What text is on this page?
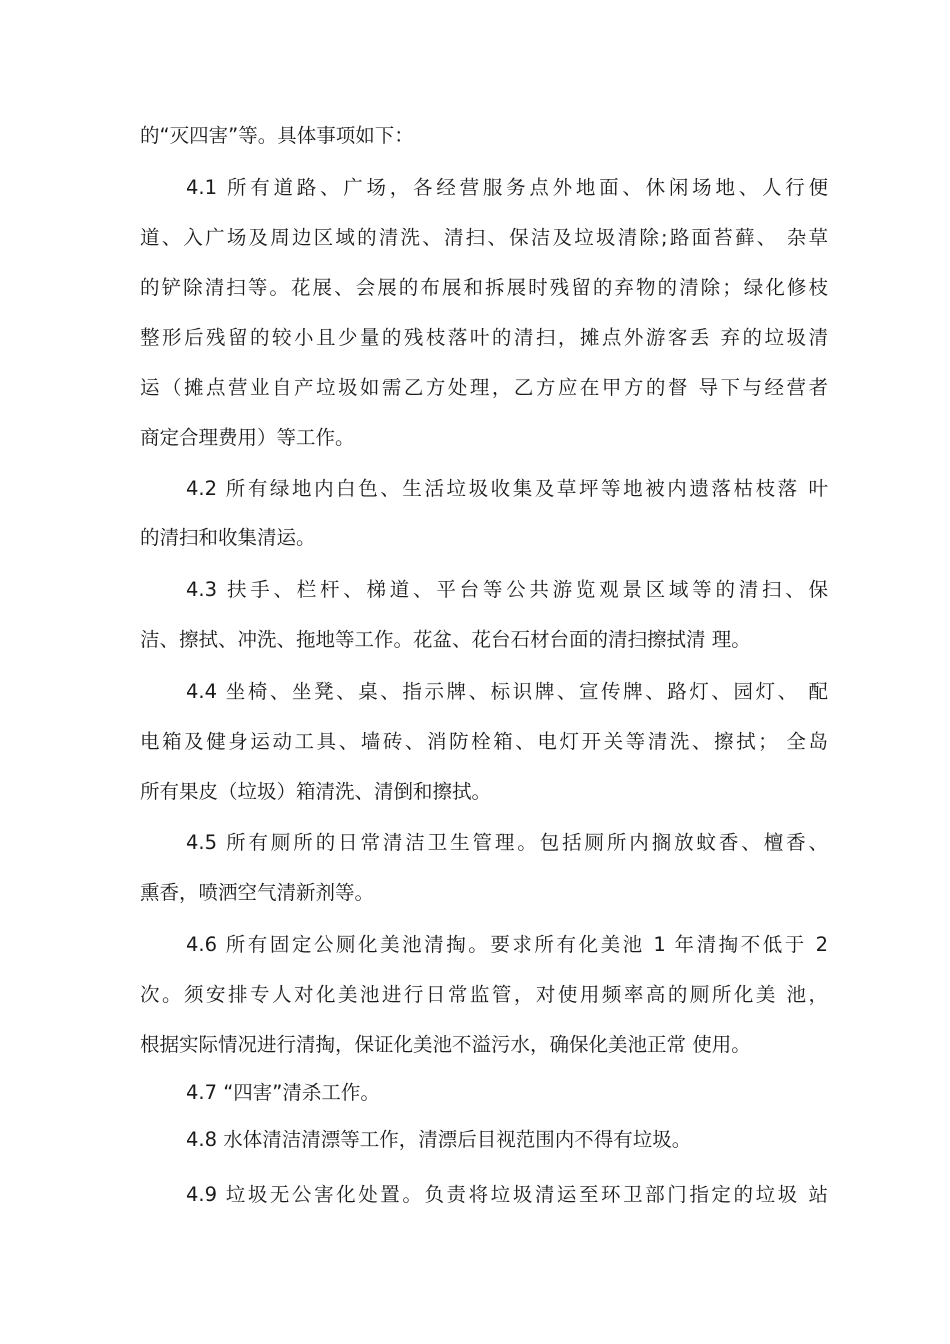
的“灭四害”等。具体事项如下：
4.1 所有道路、广场，各经营服务点外地面、休闲场地、人行便
道、入广场及周边区域的清洗、清扫、保洁及垃圾清除;路面苔藓、 杂草
的铲除清扫等。花展、会展的布展和拆展时残留的弃物的清除；绿化修枝
整形后残留的较小且少量的残枝落叶的清扫，摊点外游客丢 弃的垃圾清
运（摊点营业自产垃圾如需乙方处理，乙方应在甲方的督 导下与经营者
商定合理费用）等工作。
4.2 所有绿地内白色、生活垃圾收集及草坪等地被内遗落枯枝落 叶
的清扫和收集清运。
4.3 扶手、栏杆、梯道、平台等公共游览观景区域等的清扫、保
洁、擦拭、冲洗、拖地等工作。花盆、花台石材台面的清扫擦拭清 理。
4.4 坐椅、坐凳、桌、指示牌、标识牌、宣传牌、路灯、园灯、 配
电箱及健身运动工具、墙砖、消防栓箱、电灯开关等清洗、擦拭； 全岛
所有果皮（垃圾）箱清洗、清倒和擦拭。
4.5 所有厕所的日常清洁卫生管理。包括厕所内搁放蚊香、檀香、
熏香，喷洒空气清新剂等。
4.6 所有固定公厕化美池清掏。要求所有化美池 1 年清掏不低于 2
次。须安排专人对化美池进行日常监管，对使用频率高的厕所化美 池，
根据实际情况进行清掏，保证化美池不溢污水，确保化美池正常 使用。
4.7 “四害”清杀工作。
4.8 水体清洁清漂等工作，清漂后目视范围内不得有垃圾。
4.9 垃圾无公害化处置。负责将垃圾清运至环卫部门指定的垃圾 站
